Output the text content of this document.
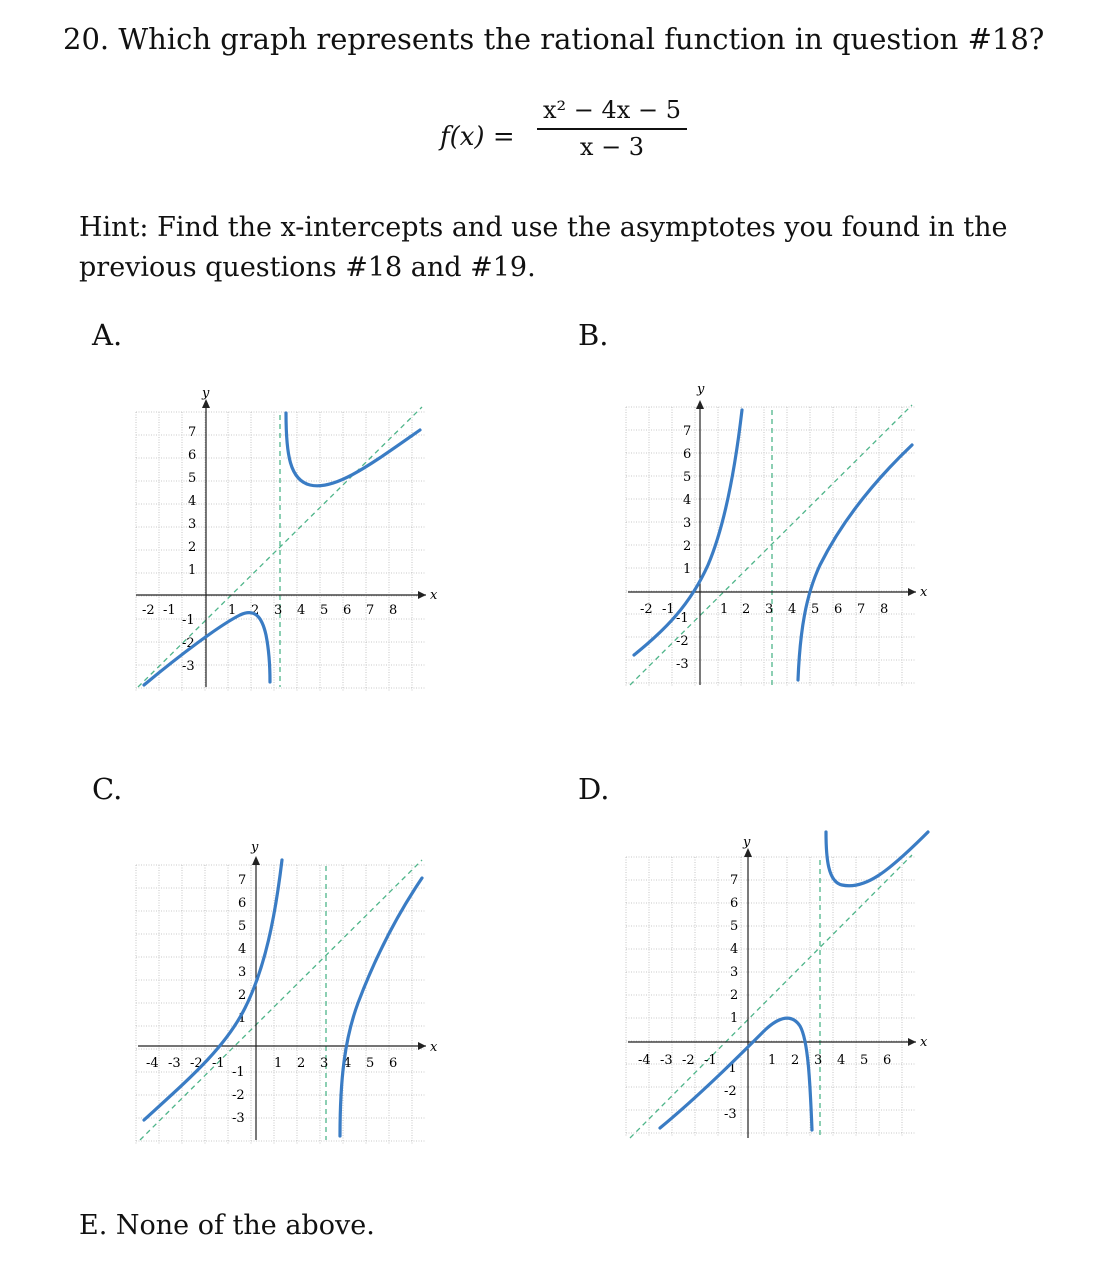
20. Which graph represents the rational function in question #18?
f(x) =
x² − 4x − 5
x − 3
Hint: Find the x-intercepts and use the asymptotes you found in the previous questions #18 and #19.
A.	B.
C.	D.
x
y
-2 -1	1 2 3 4 5 6 7 8
7
6
5
4
3
2
1
-1
-2
-3
x
y
-2 -1	1 2 3 4 5 6 7 8
7
6
5
4
3
2
1
-1
-2
-3
x
y
-4 -3 -2 -1	1 2 3 4 5 6
7
6
5
4
3
2
1
-1
-2
-3
x
y
-4 -3 -2 -1	1 2 3 4 5 6
7
6
5
4
3
2
1
-1
-2
-3
E. None of the above.
